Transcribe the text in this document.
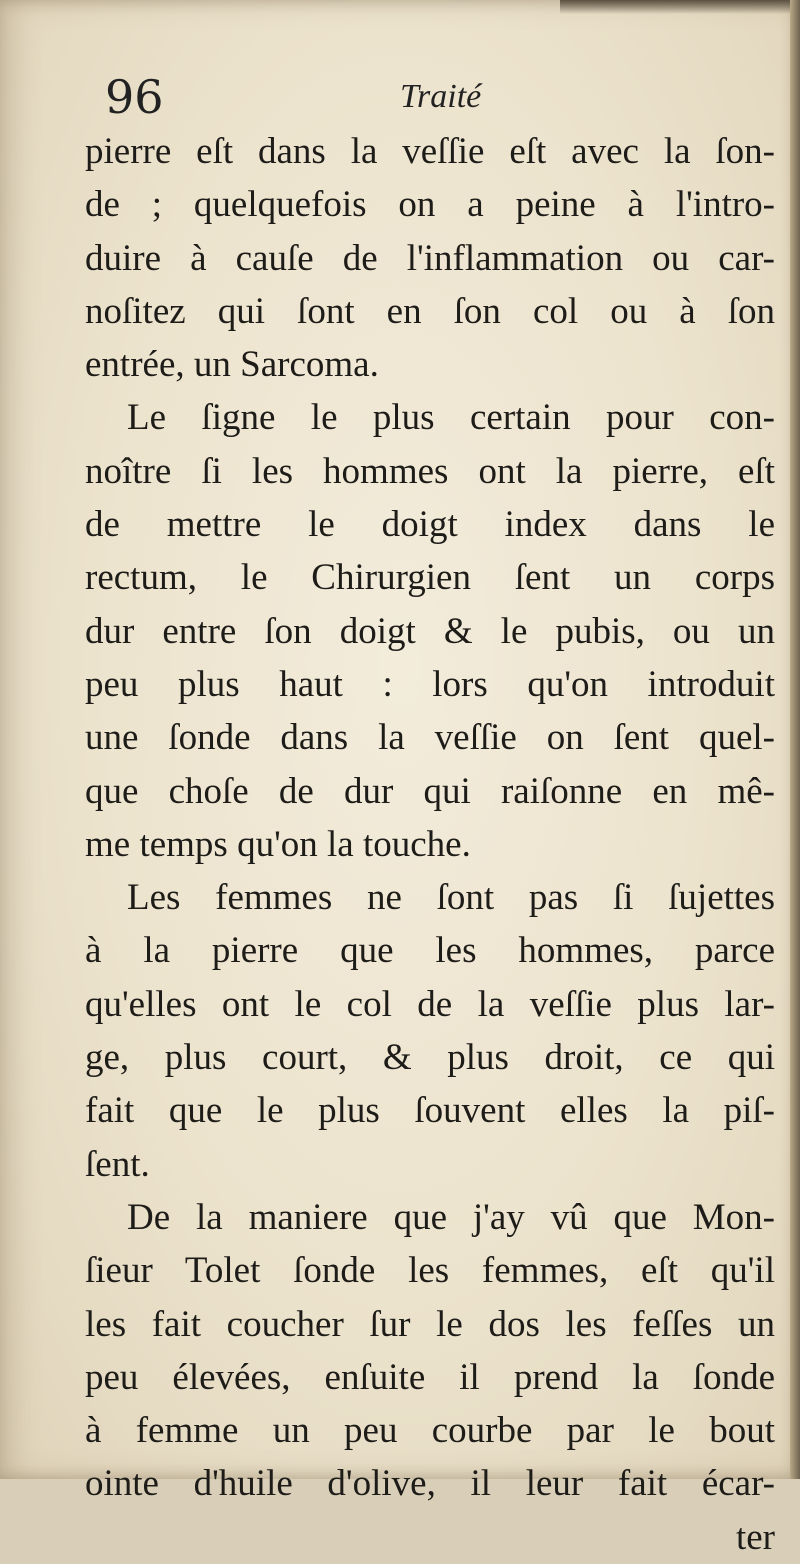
96	Traité
pierre eſt dans la veſſie eſt avec la ſon-
de ; quelquefois on a peine à l'intro-
duire à cauſe de l'inflammation ou car-
noſitez qui ſont en ſon col ou à ſon
entrée, un Sarcoma.
Le ſigne le plus certain pour con-
noître ſi les hommes ont la pierre, eſt
de mettre le doigt index dans le
rectum, le Chirurgien ſent un corps
dur entre ſon doigt & le pubis, ou un
peu plus haut : lors qu'on introduit
une ſonde dans la veſſie on ſent quel-
que choſe de dur qui raiſonne en mê-
me temps qu'on la touche.
Les femmes ne ſont pas ſi ſujettes
à la pierre que les hommes, parce
qu'elles ont le col de la veſſie plus lar-
ge, plus court, & plus droit, ce qui
fait que le plus ſouvent elles la piſ-
ſent.
De la maniere que j'ay vû que Mon-
ſieur Tolet ſonde les femmes, eſt qu'il
les fait coucher ſur le dos les feſſes un
peu élevées, enſuite il prend la ſonde
à femme un peu courbe par le bout
ointe d'huile d'olive, il leur fait écar-
ter
